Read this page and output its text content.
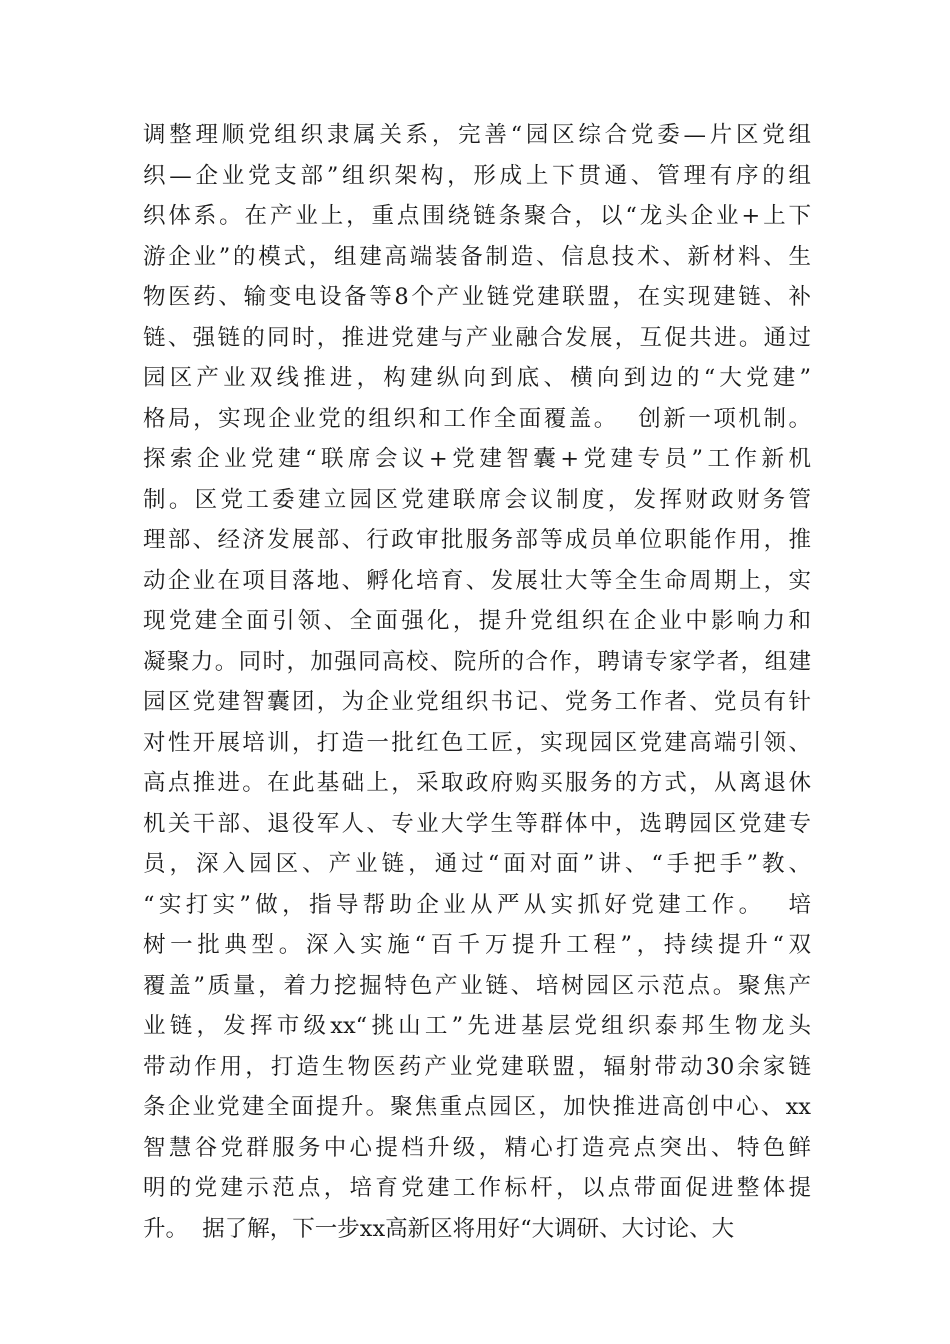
调整理顺党组织隶属关系，完善“园区综合党委—片区党组
织—企业党支部”组织架构，形成上下贯通、管理有序的组
织体系。在产业上，重点围绕链条聚合，以“龙头企业+上下
游企业”的模式，组建高端装备制造、信息技术、新材料、生
物医药、输变电设备等8个产业链党建联盟，在实现建链、补
链、强链的同时，推进党建与产业融合发展，互促共进。通过
园区产业双线推进，构建纵向到底、横向到边的“大党建”
格局，实现企业党的组织和工作全面覆盖。  创新一项机制。
探索企业党建“联席会议+党建智囊+党建专员”工作新机
制。区党工委建立园区党建联席会议制度，发挥财政财务管
理部、经济发展部、行政审批服务部等成员单位职能作用，推
动企业在项目落地、孵化培育、发展壮大等全生命周期上，实
现党建全面引领、全面强化，提升党组织在企业中影响力和
凝聚力。同时，加强同高校、院所的合作，聘请专家学者，组建
园区党建智囊团，为企业党组织书记、党务工作者、党员有针
对性开展培训，打造一批红色工匠，实现园区党建高端引领、
高点推进。在此基础上，采取政府购买服务的方式，从离退休
机关干部、退役军人、专业大学生等群体中，选聘园区党建专
员，深入园区、产业链，通过“面对面”讲、“手把手”教、
“实打实”做，指导帮助企业从严从实抓好党建工作。  培
树一批典型。深入实施“百千万提升工程”，持续提升“双
覆盖”质量，着力挖掘特色产业链、培树园区示范点。聚焦产
业链，发挥市级xx“挑山工”先进基层党组织泰邦生物龙头
带动作用，打造生物医药产业党建联盟，辐射带动30余家链
条企业党建全面提升。聚焦重点园区，加快推进高创中心、xx
智慧谷党群服务中心提档升级，精心打造亮点突出、特色鲜
明的党建示范点，培育党建工作标杆，以点带面促进整体提
升。  据了解，下一步xx高新区将用好“大调研、大讨论、大
